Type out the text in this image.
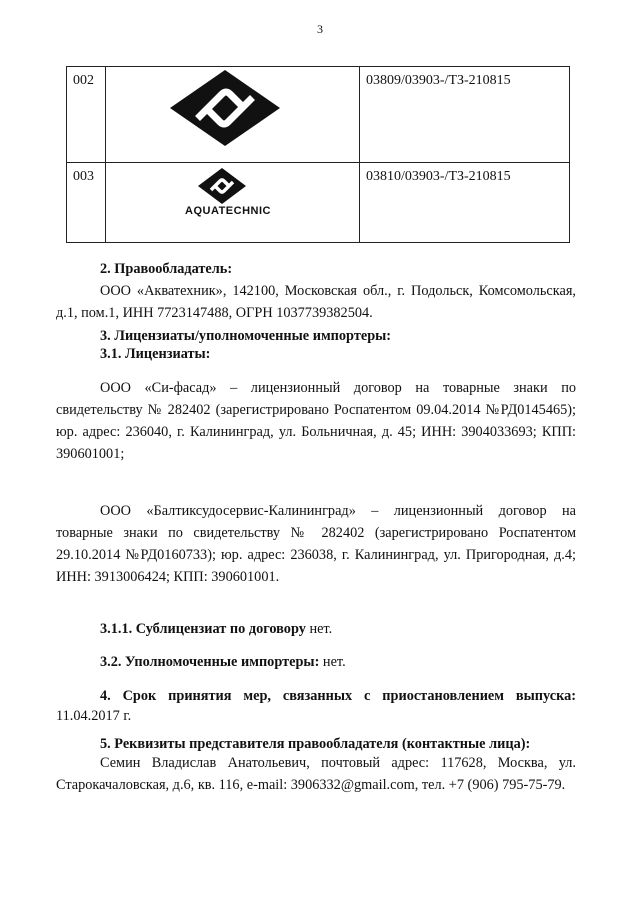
3
002		03809/03903-/ТЗ-210815
003	AQUATECHNIC	03810/03903-/ТЗ-210815
2. Правообладатель:
ООО «Акватехник», 142100, Московская обл., г. Подольск, Комсомольская, д.1, пом.1, ИНН 7723147488, ОГРН 1037739382504.
3. Лицензиаты/уполномоченные импортеры:
3.1. Лицензиаты:
ООО «Си-фасад» – лицензионный договор на товарные знаки по свидетельству № 282402 (зарегистрировано Роспатентом 09.04.2014 №РД0145465); юр. адрес: 236040, г. Калининград, ул. Больничная, д. 45; ИНН: 3904033693; КПП: 390601001;
ООО «Балтиксудосервис-Калининград» – лицензионный договор на товарные знаки по свидетельству № 282402 (зарегистрировано Роспатентом 29.10.2014 №РД0160733); юр. адрес: 236038, г. Калининград, ул. Пригородная, д.4; ИНН: 3913006424; КПП: 390601001.
3.1.1. Сублицензиат по договору нет.
3.2. Уполномоченные импортеры: нет.
4. Срок принятия мер, связанных с приостановлением выпуска:
11.04.2017 г.
5. Реквизиты представителя правообладателя (контактные лица):
Семин Владислав Анатольевич, почтовый адрес: 117628, Москва, ул. Старокачаловская, д.6, кв. 116, e-mail: 3906332@gmail.com, тел. +7 (906) 795-75-79.
